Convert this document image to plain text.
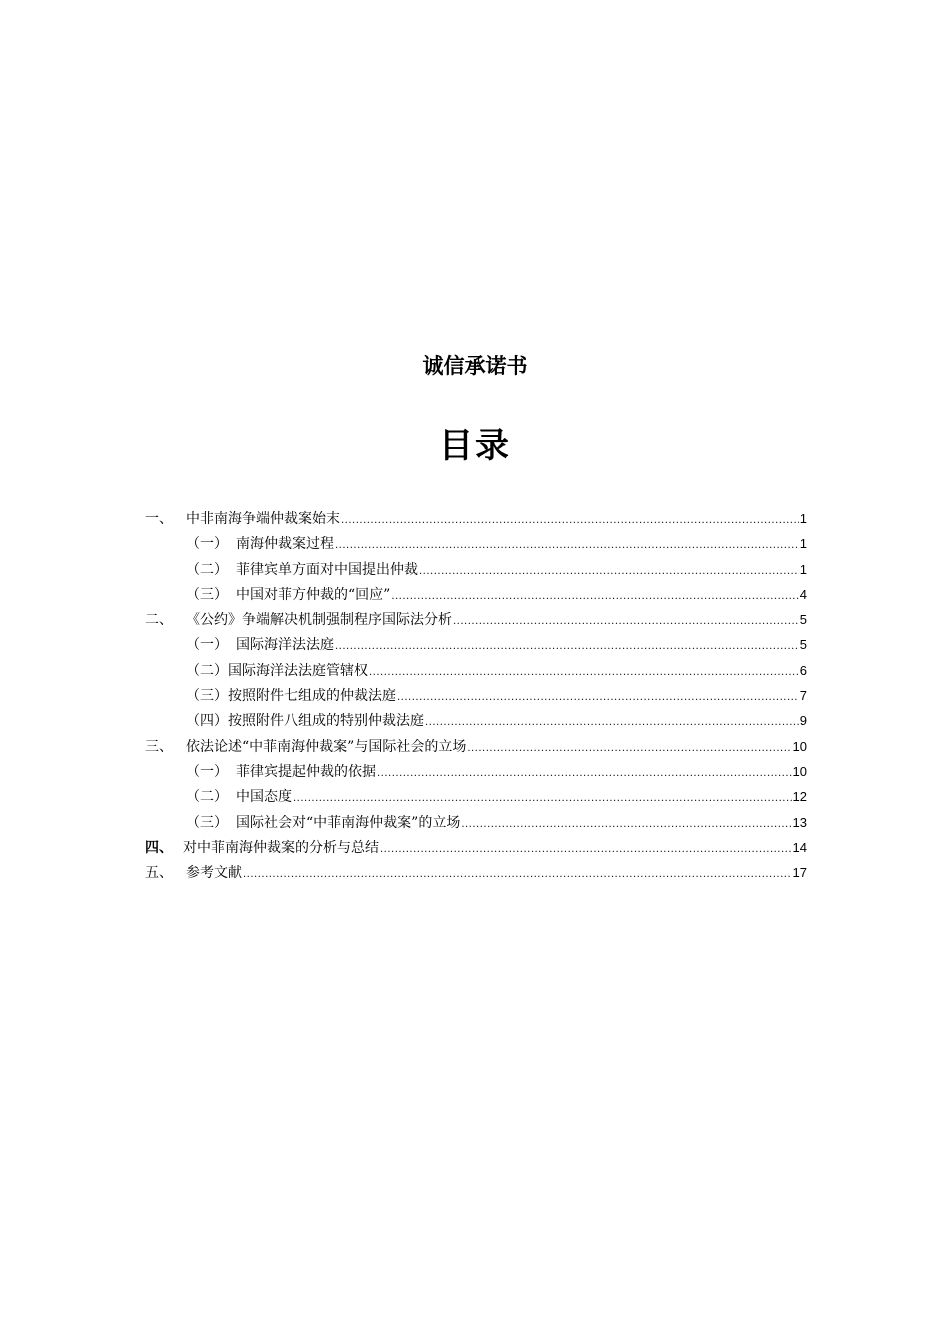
诚信承诺书
目录
一、 中非南海争端仲裁案始末 .....	1
（一） 南海仲裁案过程 .....	1
（二） 菲律宾单方面对中国提出仲裁 .....	1
（三） 中国对菲方仲裁的“回应” .....	4
二、 《公约》争端解决机制强制程序国际法分析 .....	5
（一） 国际海洋法法庭 .....	5
（二） 国际海洋法法庭管辖权 .....	6
（三） 按照附件七组成的仲裁法庭 .....	7
（四） 按照附件八组成的特别仲裁法庭 .....	9
三、 依法论述“中菲南海仲裁案”与国际社会的立场 .....	10
（一） 菲律宾提起仲裁的依据 .....	10
（二） 中国态度 .....	12
（三） 国际社会对“中菲南海仲裁案”的立场 .....	13
四、 对中菲南海仲裁案的分析与总结 .....	14
五、 参考文献 .....	17
